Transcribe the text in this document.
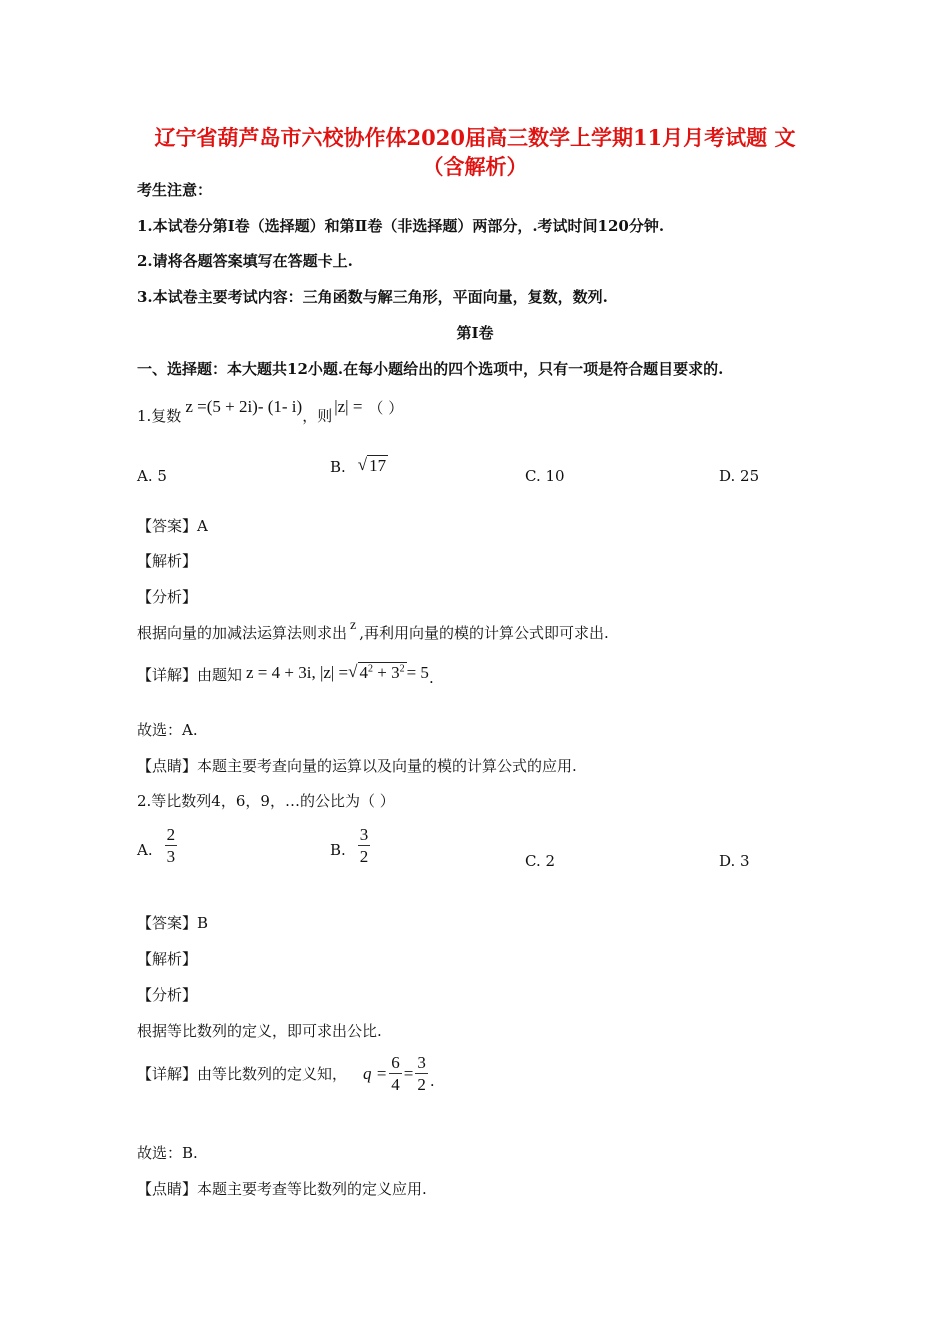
辽宁省葫芦岛市六校协作体2020届高三数学上学期11月月考试题 文
（含解析）
考生注意：
1.本试卷分第Ⅰ卷（选择题）和第Ⅱ卷（非选择题）两部分，.考试时间120分钟.
2.请将各题答案填写在答题卡上.
3.本试卷主要考试内容：三角函数与解三角形，平面向量，复数，数列.
第Ⅰ卷
一、选择题：本大题共12小题.在每小题给出的四个选项中，只有一项是符合题目要求的.
1.复数 z =(5 + 2i)- (1- i) ，则 |z| = （ ）
A. 5	B. √ 17
C. 10	D. 25
【答案】A
【解析】
【分析】
根据向量的加减法运算法则求出 z ,再利用向量的模的计算公式即可求出.
【详解】由题知 z = 4 + 3i, |z| = √ $4^2 + 3^2 = 5$ .
故选：A.
【点睛】本题主要考查向量的运算以及向量的模的计算公式的应用.
2.等比数列4，6，9，…的公比为（ ）
A. $\frac{2}{3}$	B. $\frac{3}{2}$	C. 2	D. 3
【答案】B
【解析】
【分析】
根据等比数列的定义，即可求出公比.
【详解】由等比数列的定义知， $q = \frac{6}{4} = \frac{3}{2}$ .
故选：B.
【点睛】本题主要考查等比数列的定义应用.
